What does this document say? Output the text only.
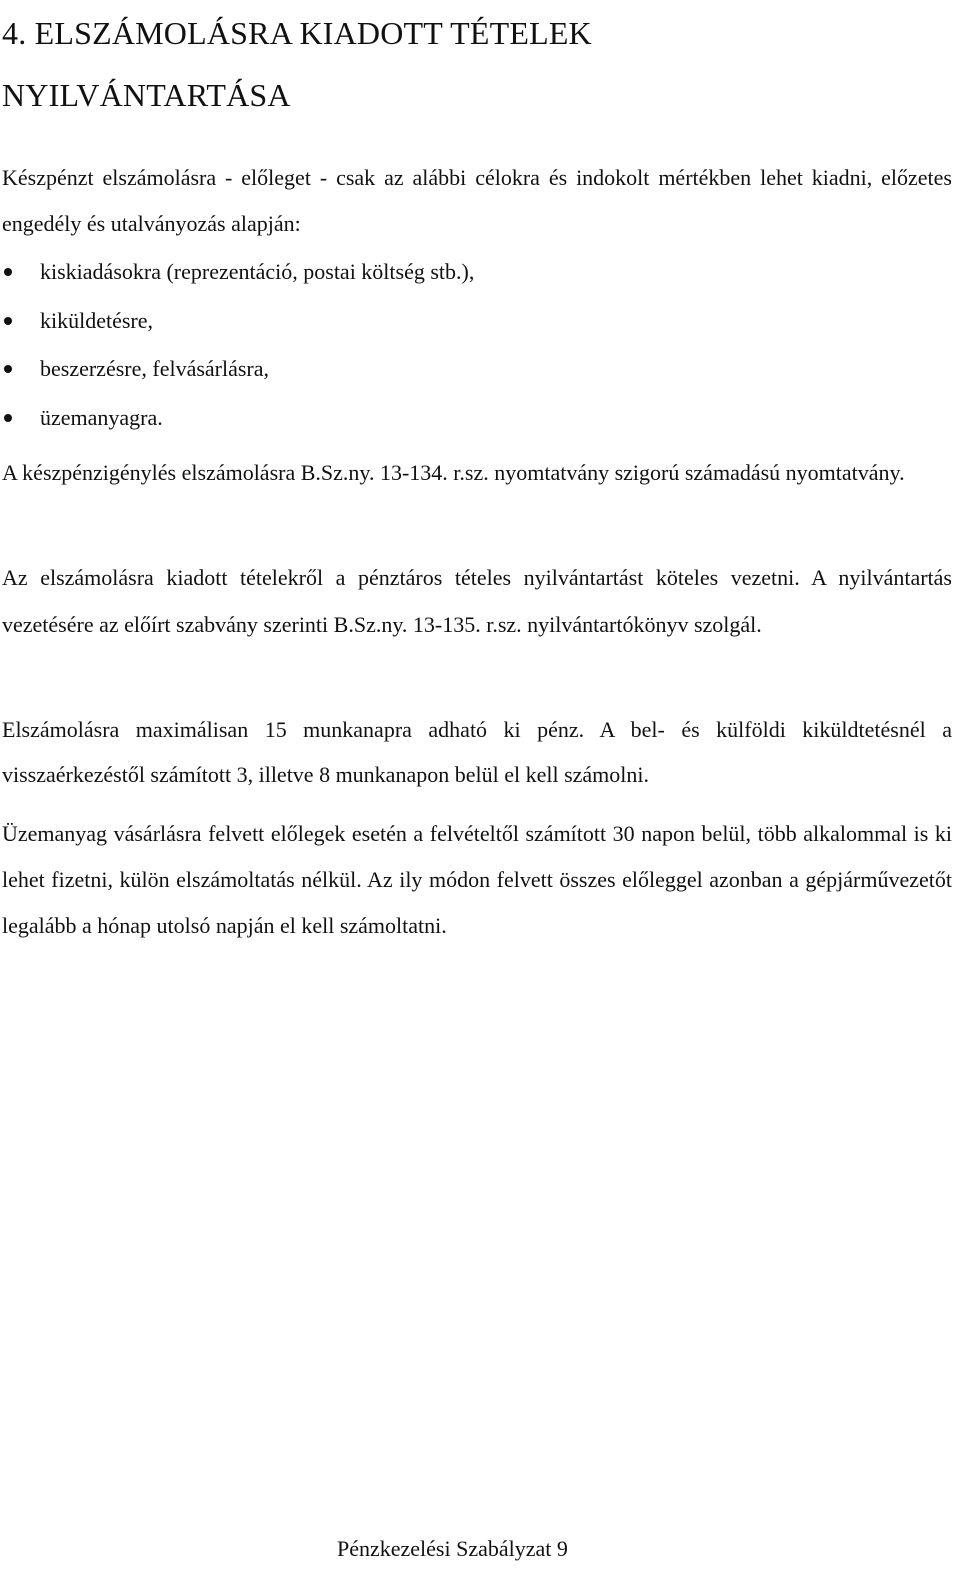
4. ELSZÁMOLÁSRA KIADOTT TÉTELEK
NYILVÁNTARTÁSA

Készpénzt elszámolásra - előleget - csak az alábbi célokra és indokolt mértékben lehet kiadni, előzetes engedély és utalványozás alapján:

kiskiadásokra (reprezentáció, postai költség stb.),
kiküldetésre,
beszerzésre, felvásárlásra,
üzemanyagra.

A készpénzigénylés elszámolásra B.Sz.ny. 13-134. r.sz. nyomtatvány szigorú számadású nyomtatvány.

Az elszámolásra kiadott tételekről a pénztáros tételes nyilvántartást köteles vezetni. A nyilvántartás vezetésére az előírt szabvány szerinti B.Sz.ny. 13-135. r.sz. nyilvántartókönyv szolgál.

Elszámolásra maximálisan 15 munkanapra adható ki pénz. A bel- és külföldi kiküldtetésnél a visszaérkezéstől számított 3, illetve 8 munkanapon belül el kell számolni.

Üzemanyag vásárlásra felvett előlegek esetén a felvételtől számított 30 napon belül, több alkalommal is ki lehet fizetni, külön elszámoltatás nélkül. Az ily módon felvett összes előleggel azonban a gépjárművezetőt legalább a hónap utolsó napján el kell számoltatni.

Pénzkezelési Szabályzat 9
